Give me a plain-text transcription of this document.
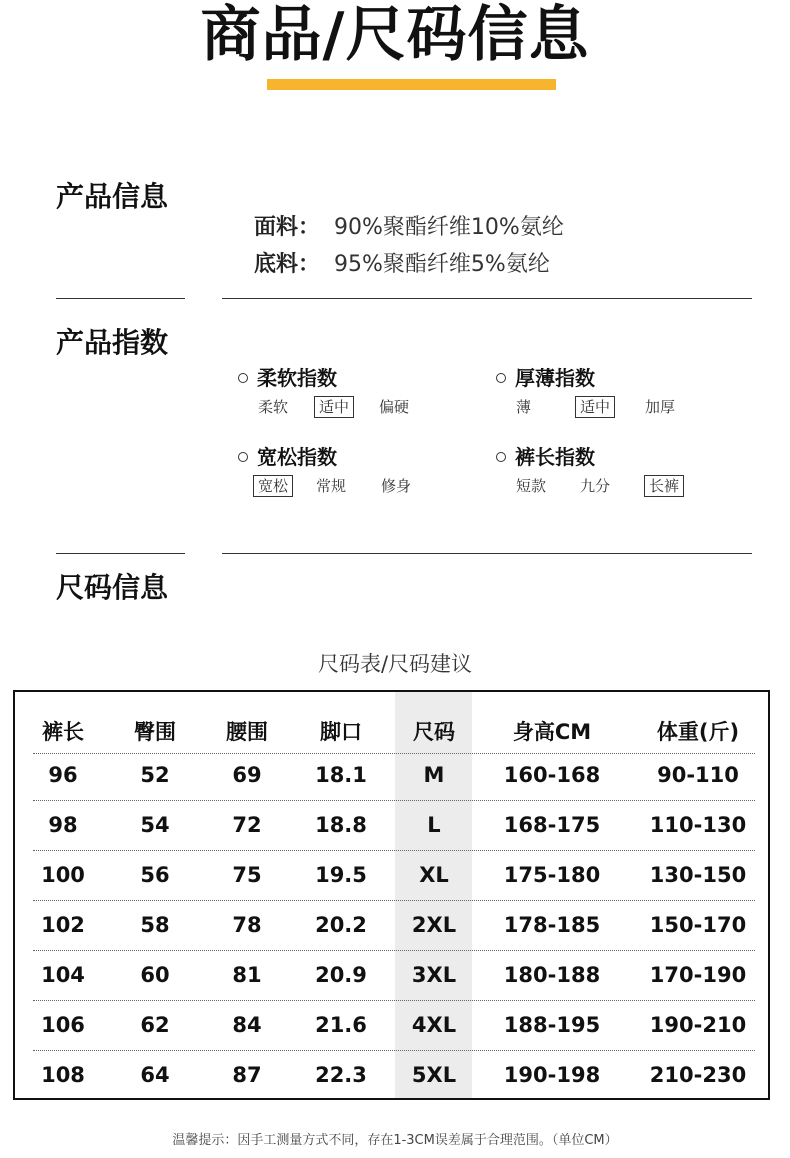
商品/尺码信息
产品信息
面料： 90%聚酯纤维10%氨纶
底料： 95%聚酯纤维5%氨纶
产品指数
柔软指数
柔软	适中	偏硬
厚薄指数
薄	适中	加厚
宽松指数
宽松	常规 修身
裤长指数
短款 九分	长裤
尺码信息
尺码表/尺码建议
裤长	臀围	腰围	脚口	尺码	身高CM	体重(斤)
96	52	69	18.1	M	160-168	90-110
98	54	72	18.8	L	168-175	110-130
100	56	75	19.5	XL	175-180	130-150
102	58	78	20.2	2XL	178-185	150-170
104	60	81	20.9	3XL	180-188	170-190
106	62	84	21.6	4XL	188-195	190-210
108	64	87	22.3	5XL	190-198	210-230
温馨提示：因手工测量方式不同，存在1-3CM误差属于合理范围。（单位CM）
